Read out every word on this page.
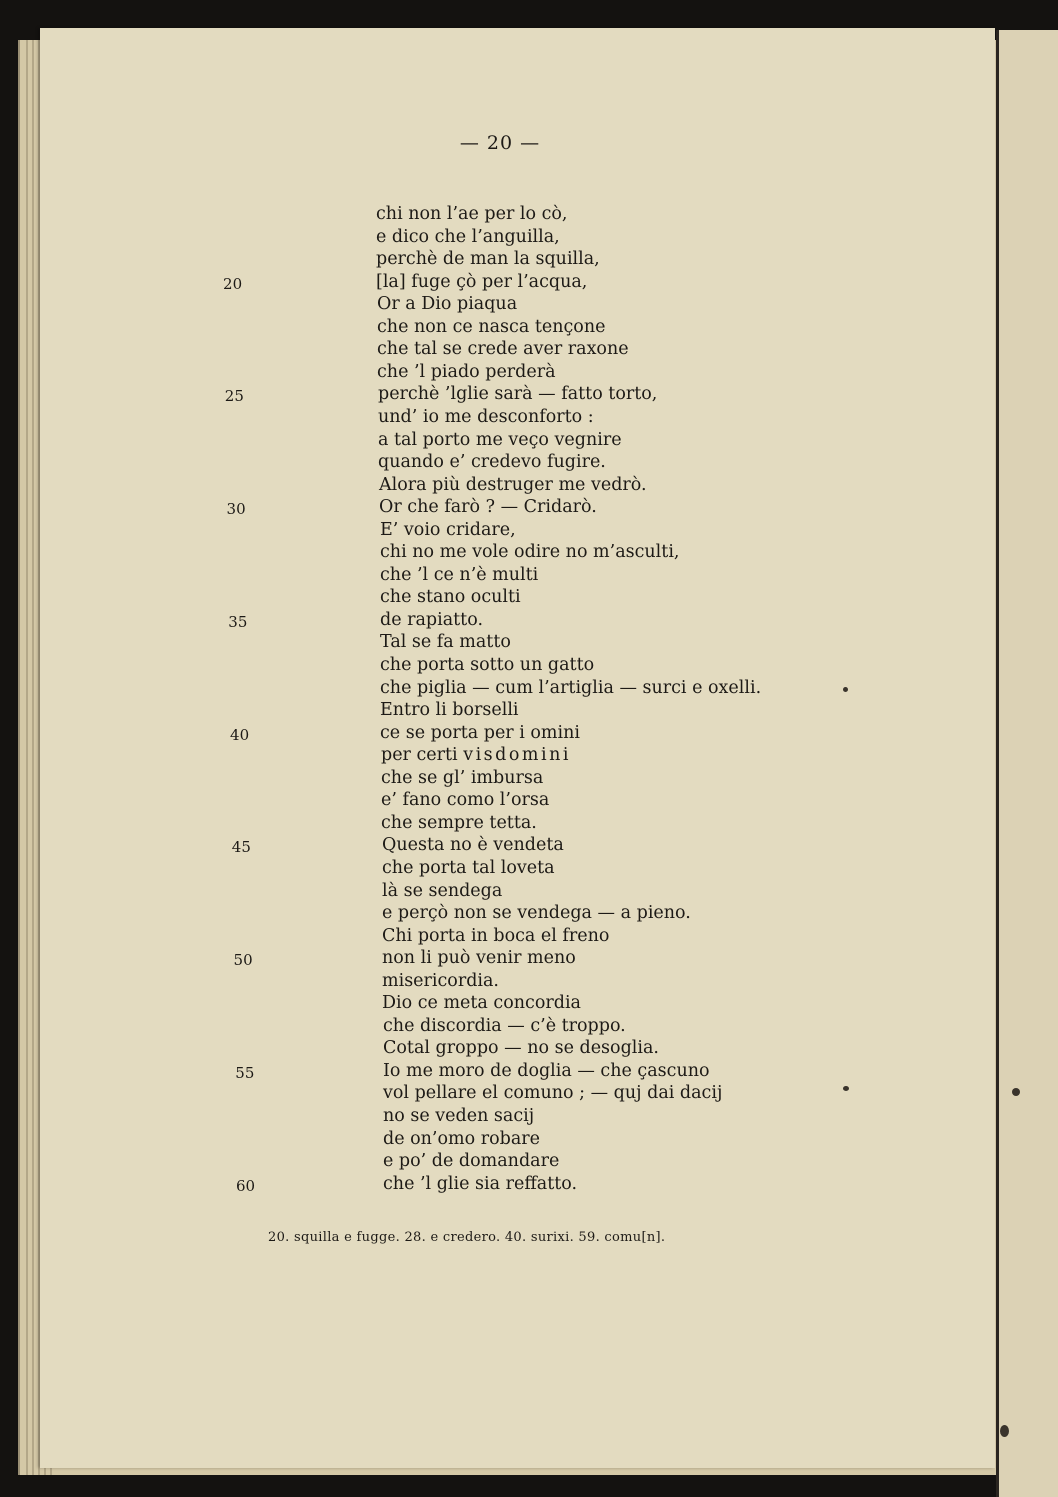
— 20 —
chi non l’ae per lo cò,
e dico che l’anguilla,
perchè de man la squilla,
[la] fuge çò per l’acqua,
20
Or a Dio piaqua
che non ce nasca tençone
che tal se crede aver raxone
che ’l piado perderà
perchè ’lglie sarà — fatto torto,
25
und’ io me desconforto :
a tal porto me veço vegnire
quando e’ credevo fugire.
Alora più destruger me vedrò.
Or che farò ? — Cridarò.
30
E’ voio cridare,
chi no me vole odire no m’asculti,
che ’l ce n’è multi
che stano oculti
de rapiatto.
35
Tal se fa matto
che porta sotto un gatto
che piglia — cum l’artiglia — surci e oxelli.
Entro li borselli
ce se porta per i omini
40
per certi visdomini
che se gl’ imbursa
e’ fano como l’orsa
che sempre tetta.
Questa no è vendeta
45
che porta tal loveta
là se sendega
e perçò non se vendega — a pieno.
Chi porta in boca el freno
non li può venir meno
50
misericordia.
Dio ce meta concordia
che discordia — c’è troppo.
Cotal groppo — no se desoglia.
Io me moro de doglia — che çascuno
55
vol pellare el comuno ; — quj dai dacij
no se veden sacij
de on’omo robare
e po’ de domandare
che ’l glie sia reffatto.
60
20. squilla e fugge. 28. e credero. 40. surixi. 59. comu[n].
